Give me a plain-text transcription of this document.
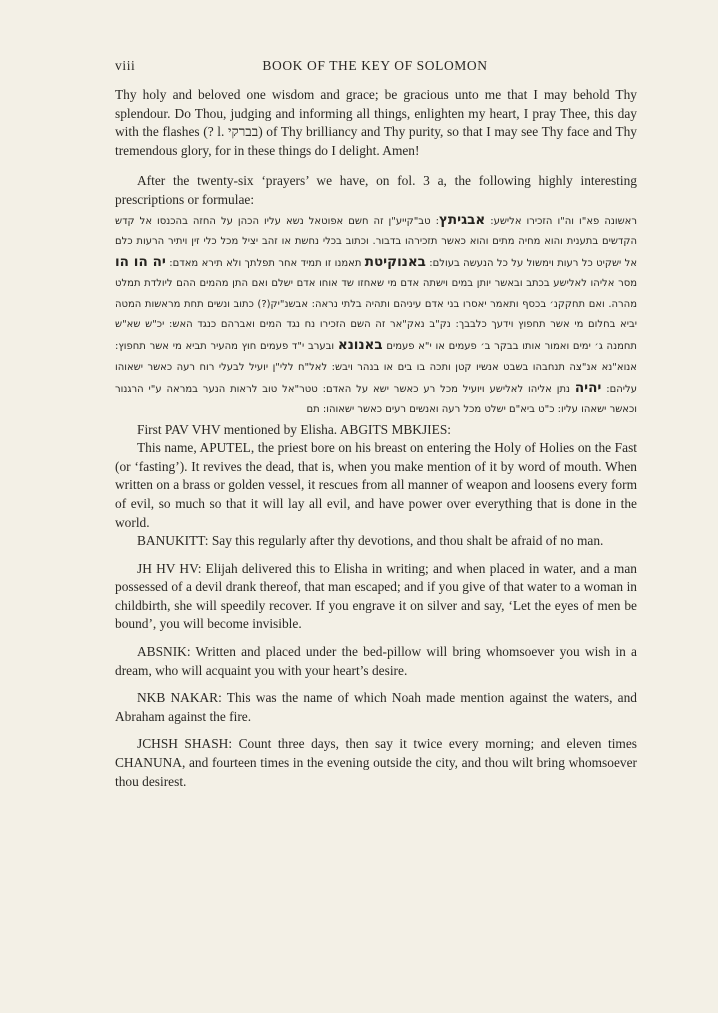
viii	BOOK OF THE KEY OF SOLOMON

Thy holy and beloved one wisdom and grace; be gracious unto me that I may behold Thy splendour. Do Thou, judging and informing all things, enlighten my heart, I pray Thee, this day with the flashes (? l. בברקי) of Thy brilliancy and Thy purity, so that I may see Thy face and Thy tremendous glory, for in these things do I delight. Amen!

After the twenty-six ‘prayers’ we have, on fol. 3 a, the following highly interesting prescriptions or formulae:

ראשונה פא"ו וה"ו הזכירו אלישע: אבגיתץ: טב"קייע"ן זה חשם אפוטאל נשא עליו הכהן על החזה בהכנסו אל קדש הקדשים בתענית והוא מחיה מתים והוא כאשר תזכירהו בדבור. וכתוב בכלי נחשת או זהב יציל מכל כלי זין ויתיר הרעות כלם אל ישקיט כל רעות וימשול על כל הנעשה בעולם: באנוקיטת תאמנו זו תמיד אחר תפלתך ולא תירא מאדם: יה הו הו מסר אליהו לאלישע בכתב ובאשר יותן במים וישתה אדם מי שאחזו שד אוחו אדם ישלם ואם התן מהמים ההם ליולדת תמלט מהרה. ואם תחקקנ׳ בכסף ותאמר יאסרו בני אדם עיניהם ותהיה בלתי נראה: אבשנ"יק(?) כתוב ונשים תחת מראשות המטה יביא בחלום מי אשר תחפוץ וידעך כלבבך: נק"ב נאק"אר זה השם הזכירו נח נגד המים ואברהם כנגד האש: יכ"ש שא"ש תחמנה ג׳ ימים ואמור אותו בבקר ב׳ פעמים או י"א פעמים באנונא ובערב י"ד פעמים חוץ מהעיר תביא מי אשר תחפוץ: אנוא"נא אנ"צה תנחבהו בשבט אנשיו קטן ותכה בו בים או בנהר ויבש: לאל"ח ללי"ן יועיל לבעלי רוח רעה כאשר ישאוהו עליהם: יהיה נתן אליהו לאלישע ויועיל מכל רע כאשר ישא על האדם: טטר"אל טוב לראות הנער במראה ע"י הרגנור וכאשר ישאהו עליו: כ"ט ביא"ם ישלט מכל רעה ואנשים רעים כאשר ישאוהו: תם

First PAV VHV mentioned by Elisha. ABGITS MBKJIES:

This name, APUTEL, the priest bore on his breast on entering the Holy of Holies on the Fast (or ‘fasting’). It revives the dead, that is, when you make mention of it by word of mouth. When written on a brass or golden vessel, it rescues from all manner of weapon and loosens every form of evil, so much so that it will lay all evil, and have power over everything that is done in the world.

BANUKITT: Say this regularly after thy devotions, and thou shalt be afraid of no man.

JH HV HV: Elijah delivered this to Elisha in writing; and when placed in water, and a man possessed of a devil drank thereof, that man escaped; and if you give of that water to a woman in childbirth, she will speedily recover. If you engrave it on silver and say, ‘Let the eyes of men be bound’, you will become invisible.

ABSNIK: Written and placed under the bed-pillow will bring whomsoever you wish in a dream, who will acquaint you with your heart’s desire.

NKB NAKAR: This was the name of which Noah made mention against the waters, and Abraham against the fire.

JCHSH SHASH: Count three days, then say it twice every morning; and eleven times CHANUNA, and fourteen times in the evening outside the city, and thou wilt bring whomsoever thou desirest.
